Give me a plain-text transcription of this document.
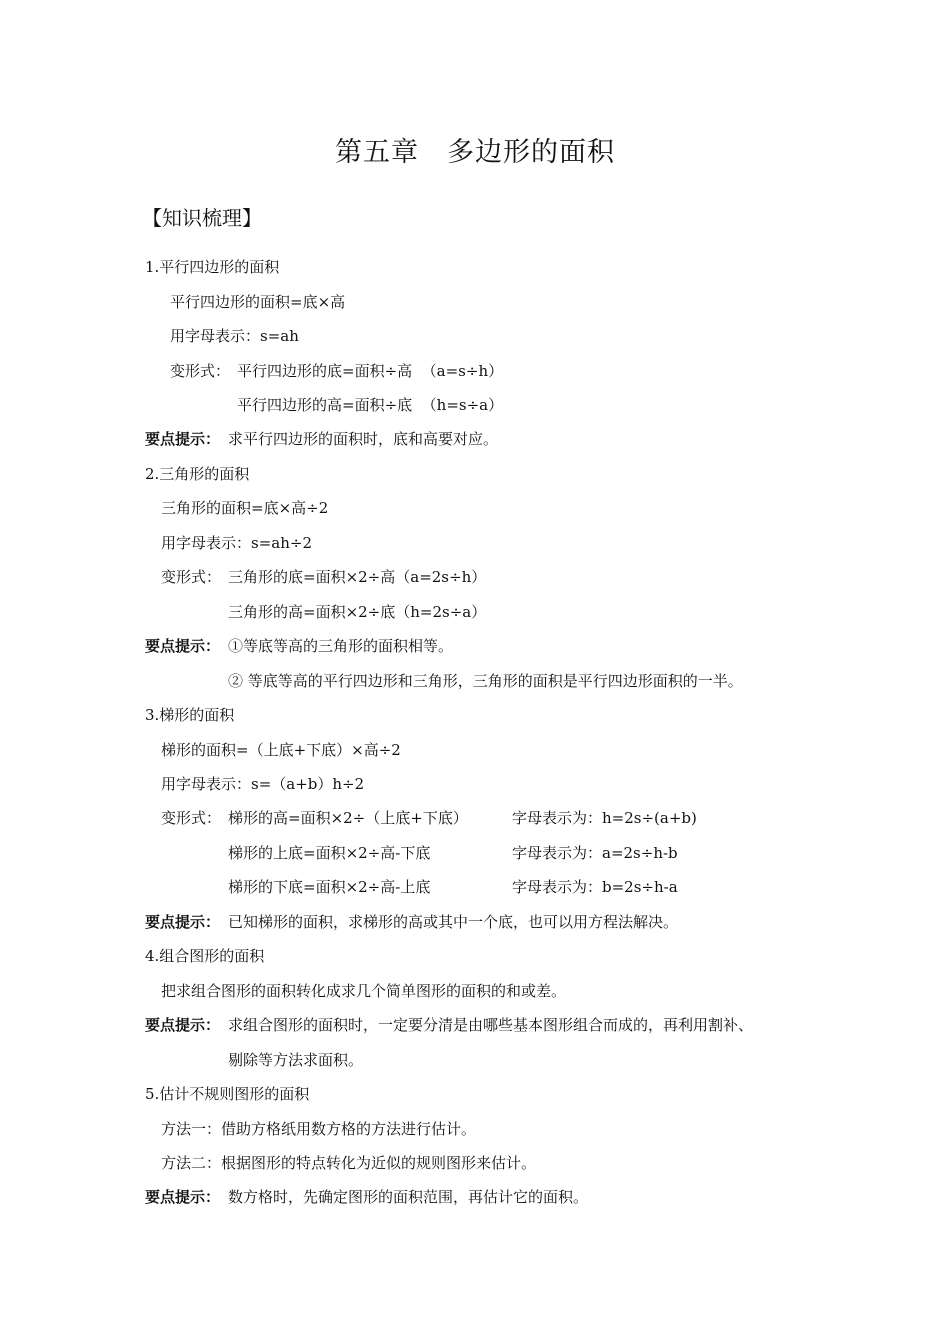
第五章　多边形的面积
【知识梳理】
1.平行四边形的面积
平行四边形的面积=底×高
用字母表示：s=ah
变形式： 平行四边形的底=面积÷高  （a=s÷h）
平行四边形的高=面积÷底  （h=s÷a）
要点提示： 求平行四边形的面积时，底和高要对应。
2.三角形的面积
三角形的面积=底×高÷2
用字母表示：s=ah÷2
变形式： 三角形的底=面积×2÷高（a=2s÷h）
三角形的高=面积×2÷底（h=2s÷a）
要点提示： ①等底等高的三角形的面积相等。
② 等底等高的平行四边形和三角形，三角形的面积是平行四边形面积的一半。
3.梯形的面积
梯形的面积=（上底+下底）×高÷2
用字母表示：s=（a+b）h÷2
变形式： 梯形的高=面积×2÷（上底+下底）	字母表示为：h=2s÷(a+b)
梯形的上底=面积×2÷高-下底	字母表示为：a=2s÷h-b
梯形的下底=面积×2÷高-上底	字母表示为：b=2s÷h-a
要点提示： 已知梯形的面积，求梯形的高或其中一个底，也可以用方程法解决。
4.组合图形的面积
把求组合图形的面积转化成求几个简单图形的面积的和或差。
要点提示： 求组合图形的面积时，一定要分清是由哪些基本图形组合而成的，再利用割补、
剔除等方法求面积。
5.估计不规则图形的面积
方法一：借助方格纸用数方格的方法进行估计。
方法二：根据图形的特点转化为近似的规则图形来估计。
要点提示： 数方格时，先确定图形的面积范围，再估计它的面积。
